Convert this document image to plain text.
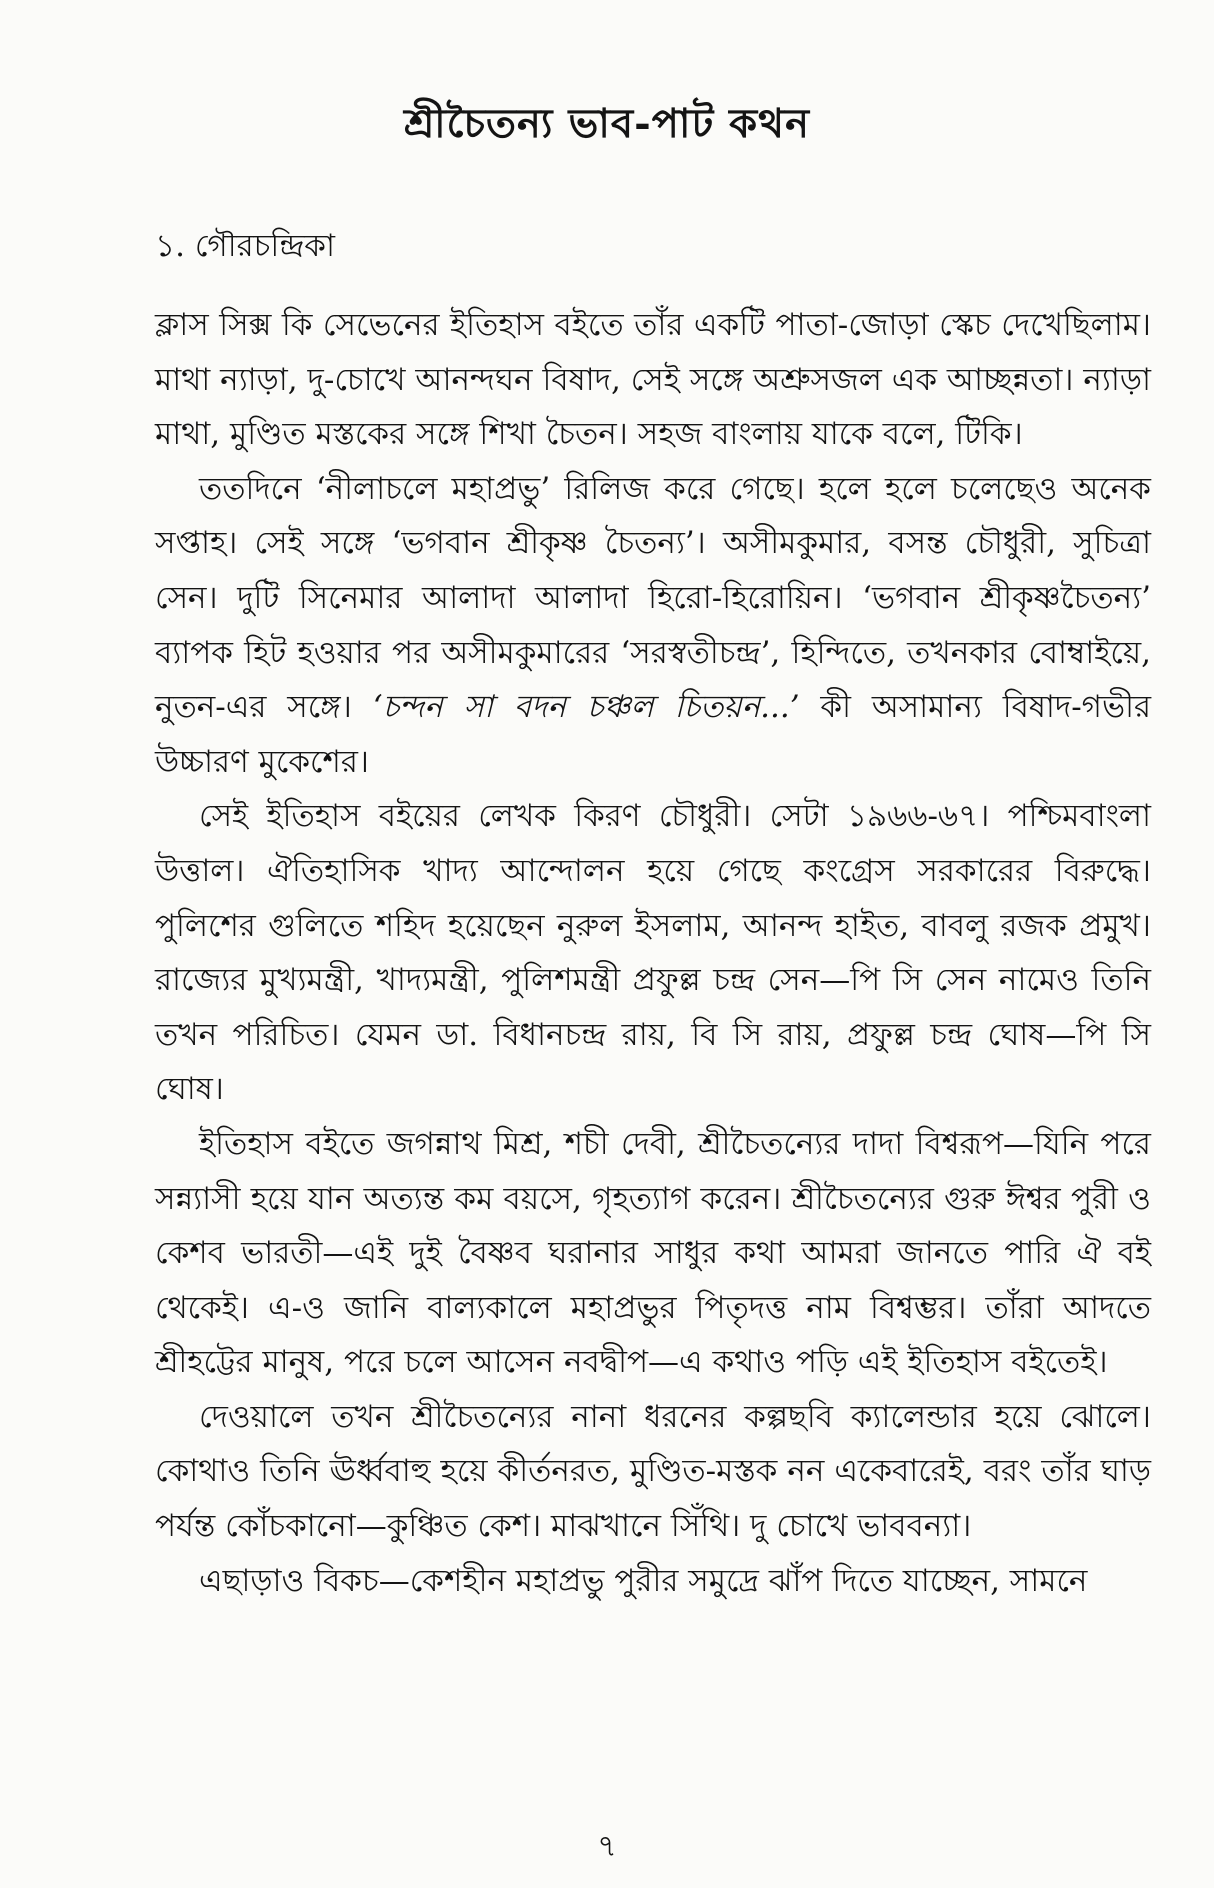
শ্রীচৈতন্য ভাব-পাট কথন
১. গৌরচন্দ্রিকা

ক্লাস সিক্স কি সেভেনের ইতিহাস বইতে তাঁর একটি পাতা-জোড়া স্কেচ দেখেছিলাম। মাথা ন্যাড়া, দু-চোখে আনন্দঘন বিষাদ, সেই সঙ্গে অশ্রুসজল এক আচ্ছন্নতা। ন্যাড়া মাথা, মুণ্ডিত মস্তকের সঙ্গে শিখা চৈতন। সহজ বাংলায় যাকে বলে, টিকি।

ততদিনে ‘নীলাচলে মহাপ্রভু’ রিলিজ করে গেছে। হলে হলে চলেছেও অনেক সপ্তাহ। সেই সঙ্গে ‘ভগবান শ্রীকৃষ্ণ চৈতন্য’। অসীমকুমার, বসন্ত চৌধুরী, সুচিত্রা সেন। দুটি সিনেমার আলাদা আলাদা হিরো-হিরোয়িন। ‘ভগবান শ্রীকৃষ্ণচৈতন্য’ ব্যাপক হিট হওয়ার পর অসীমকুমারের ‘সরস্বতীচন্দ্র’, হিন্দিতে, তখনকার বোম্বাইয়ে, নুতন-এর সঙ্গে। ‘চন্দন সা বদন চঞ্চল চিতয়ন...’ কী অসামান্য বিষাদ-গভীর উচ্চারণ মুকেশের।

সেই ইতিহাস বইয়ের লেখক কিরণ চৌধুরী। সেটা ১৯৬৬-৬৭। পশ্চিমবাংলা উত্তাল। ঐতিহাসিক খাদ্য আন্দোলন হয়ে গেছে কংগ্রেস সরকারের বিরুদ্ধে। পুলিশের গুলিতে শহিদ হয়েছেন নুরুল ইসলাম, আনন্দ হাইত, বাবলু রজক প্রমুখ। রাজ্যের মুখ্যমন্ত্রী, খাদ্যমন্ত্রী, পুলিশমন্ত্রী প্রফুল্ল চন্দ্র সেন—পি সি সেন নামেও তিনি তখন পরিচিত। যেমন ডা. বিধানচন্দ্র রায়, বি সি রায়, প্রফুল্ল চন্দ্র ঘোষ—পি সি ঘোষ।

ইতিহাস বইতে জগন্নাথ মিশ্র, শচী দেবী, শ্রীচৈতন্যের দাদা বিশ্বরূপ—যিনি পরে সন্ন্যাসী হয়ে যান অত্যন্ত কম বয়সে, গৃহত্যাগ করেন। শ্রীচৈতন্যের গুরু ঈশ্বর পুরী ও কেশব ভারতী—এই দুই বৈষ্ণব ঘরানার সাধুর কথা আমরা জানতে পারি ঐ বই থেকেই। এ-ও জানি বাল্যকালে মহাপ্রভুর পিতৃদত্ত নাম বিশ্বম্ভর। তাঁরা আদতে শ্রীহট্টের মানুষ, পরে চলে আসেন নবদ্বীপ—এ কথাও পড়ি এই ইতিহাস বইতেই।

দেওয়ালে তখন শ্রীচৈতন্যের নানা ধরনের কল্পছবি ক্যালেন্ডার হয়ে ঝোলে। কোথাও তিনি ঊর্ধ্ববাহু হয়ে কীর্তনরত, মুণ্ডিত-মস্তক নন একেবারেই, বরং তাঁর ঘাড় পর্যন্ত কোঁচকানো—কুঞ্চিত কেশ। মাঝখানে সিঁথি। দু চোখে ভাববন্যা।

এছাড়াও বিকচ—কেশহীন মহাপ্রভু পুরীর সমুদ্রে ঝাঁপ দিতে যাচ্ছেন, সামনে

৭
